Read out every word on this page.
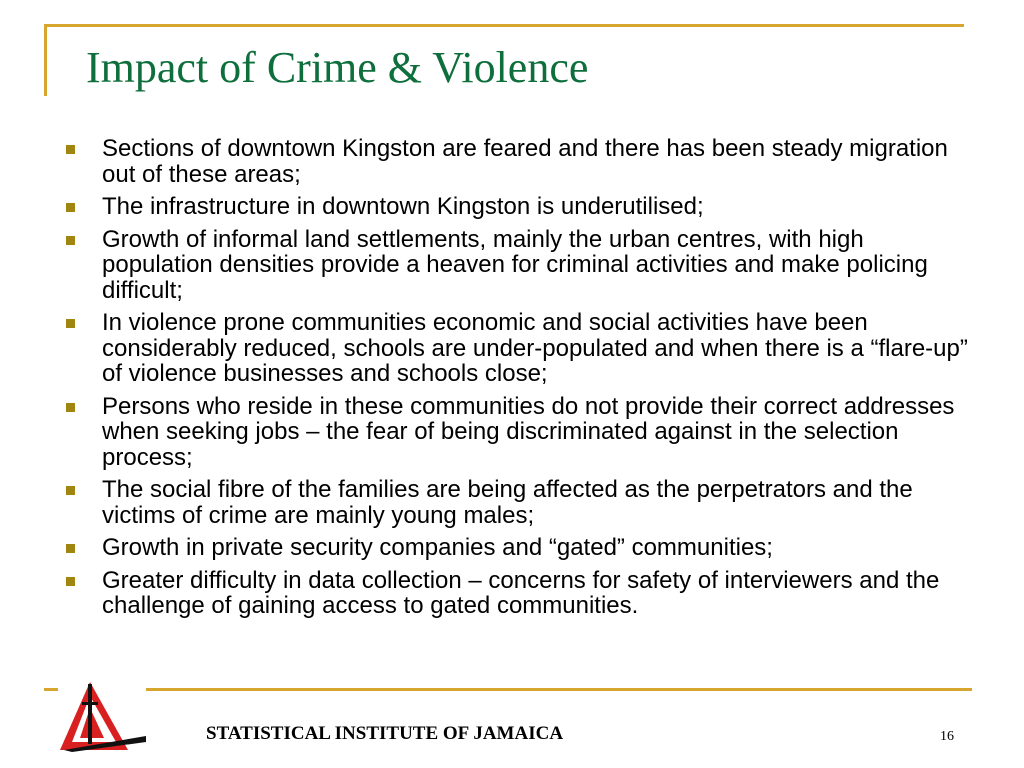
Impact of Crime & Violence
Sections of downtown Kingston are feared and there has been steady migration out of these areas;
The infrastructure in downtown Kingston is underutilised;
Growth of informal land settlements, mainly the urban centres, with high population densities provide a heaven for criminal activities and make policing difficult;
In violence prone communities economic and social activities have been considerably reduced, schools are under-populated and when there is a “flare-up” of violence businesses and schools close;
Persons who reside in these communities do not provide their correct addresses when seeking jobs – the fear of being discriminated against in the selection process;
The social fibre of the families are being affected as the perpetrators and the victims of crime are mainly young males;
Growth in private security companies and “gated” communities;
Greater difficulty in data collection – concerns for safety of interviewers and the challenge of gaining access to gated communities.

STATISTICAL INSTITUTE OF JAMAICA	16
